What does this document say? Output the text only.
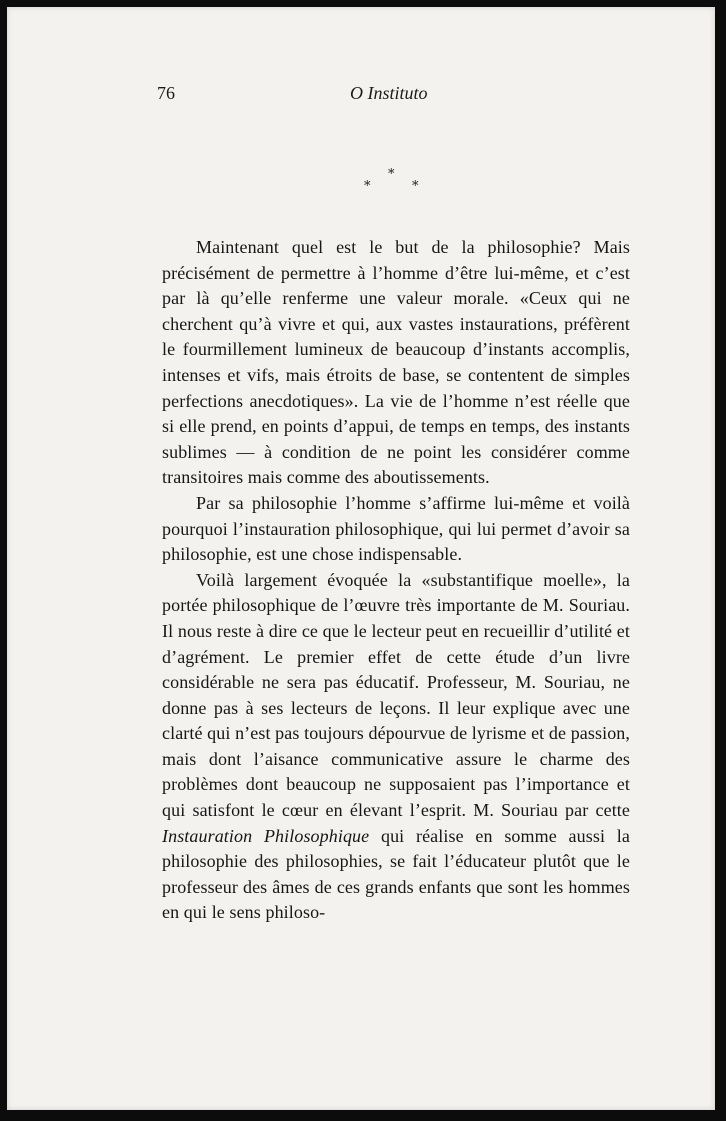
76	O Instituto
*
*	*

Maintenant quel est le but de la philosophie? Mais précisément de permettre à l’homme d’être lui-même, et c’est par là qu’elle renferme une valeur morale. «Ceux qui ne cherchent qu’à vivre et qui, aux vastes instaurations, préfèrent le fourmillement lumineux de beaucoup d’instants accomplis, intenses et vifs, mais étroits de base, se contentent de simples perfections anecdotiques». La vie de l’homme n’est réelle que si elle prend, en points d’appui, de temps en temps, des instants sublimes — à condition de ne point les considérer comme transitoires mais comme des aboutissements.

Par sa philosophie l’homme s’affirme lui-même et voilà pourquoi l’instauration philosophique, qui lui permet d’avoir sa philosophie, est une chose indispensable.

Voilà largement évoquée la «substantifique moelle», la portée philosophique de l’œuvre très importante de M. Souriau. Il nous reste à dire ce que le lecteur peut en recueillir d’utilité et d’agrément. Le premier effet de cette étude d’un livre considérable ne sera pas éducatif. Professeur, M. Souriau, ne donne pas à ses lecteurs de leçons. Il leur explique avec une clarté qui n’est pas toujours dépourvue de lyrisme et de passion, mais dont l’aisance communicative assure le charme des problèmes dont beaucoup ne supposaient pas l’importance et qui satisfont le cœur en élevant l’esprit. M. Souriau par cette Instauration Philosophique qui réalise en somme aussi la philosophie des philosophies, se fait l’éducateur plutôt que le professeur des âmes de ces grands enfants que sont les hommes en qui le sens philoso-
